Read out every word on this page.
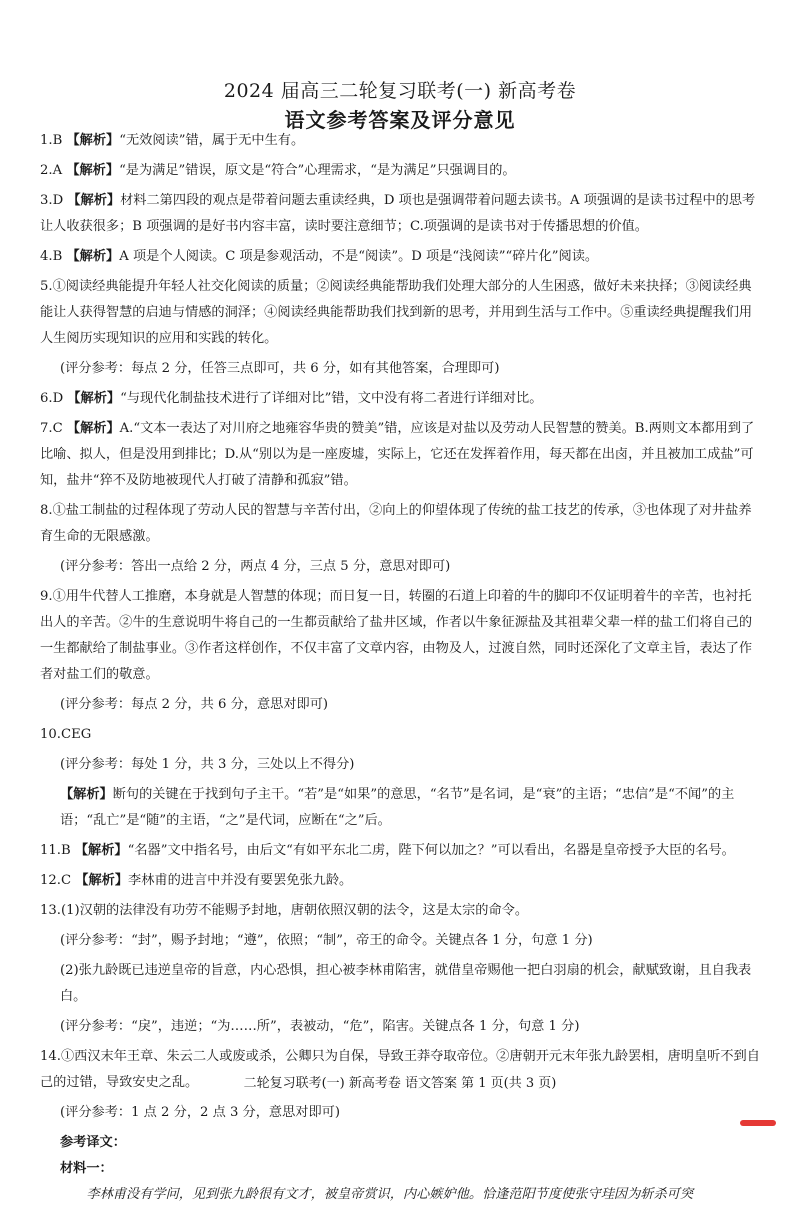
2024 届高三二轮复习联考(一) 新高考卷
语文参考答案及评分意见

1.B 【解析】“无效阅读”错，属于无中生有。

2.A 【解析】“是为满足”错误，原文是“符合”心理需求，“是为满足”只强调目的。

3.D 【解析】材料二第四段的观点是带着问题去重读经典，D 项也是强调带着问题去读书。A 项强调的是读书过程中的思考让人收获很多；B 项强调的是好书内容丰富，读时要注意细节；C.项强调的是读书对于传播思想的价值。

4.B 【解析】A 项是个人阅读。C 项是参观活动，不是“阅读”。D 项是“浅阅读”“碎片化”阅读。

5.①阅读经典能提升年轻人社交化阅读的质量；②阅读经典能帮助我们处理大部分的人生困惑，做好未来抉择；③阅读经典能让人获得智慧的启迪与情感的洞泽；④阅读经典能帮助我们找到新的思考，并用到生活与工作中。⑤重读经典提醒我们用人生阅历实现知识的应用和实践的转化。

(评分参考：每点 2 分，任答三点即可，共 6 分，如有其他答案，合理即可)

6.D 【解析】“与现代化制盐技术进行了详细对比”错，文中没有将二者进行详细对比。

7.C 【解析】A.“文本一表达了对川府之地雍容华贵的赞美”错，应该是对盐以及劳动人民智慧的赞美。B.两则文本都用到了比喻、拟人，但是没用到排比；D.从“别以为是一座废墟，实际上，它还在发挥着作用，每天都在出卤，并且被加工成盐”可知，盐井“猝不及防地被现代人打破了清静和孤寂”错。

8.①盐工制盐的过程体现了劳动人民的智慧与辛苦付出，②向上的仰望体现了传统的盐工技艺的传承，③也体现了对井盐养育生命的无限感激。

(评分参考：答出一点给 2 分，两点 4 分，三点 5 分，意思对即可)

9.①用牛代替人工推磨，本身就是人智慧的体现；而日复一日，转圈的石道上印着的牛的脚印不仅证明着牛的辛苦，也衬托出人的辛苦。②牛的生意说明牛将自己的一生都贡献给了盐井区域，作者以牛象征源盐及其祖辈父辈一样的盐工们将自己的一生都献给了制盐事业。③作者这样创作，不仅丰富了文章内容，由物及人，过渡自然，同时还深化了文章主旨，表达了作者对盐工们的敬意。

(评分参考：每点 2 分，共 6 分，意思对即可)

10.CEG

(评分参考：每处 1 分，共 3 分，三处以上不得分)

【解析】断句的关键在于找到句子主干。“若”是“如果”的意思，“名节”是名词，是“衰”的主语；“忠信”是“不闻”的主语；“乱亡”是“随”的主语，“之”是代词，应断在“之”后。

11.B 【解析】“名器”文中指名号，由后文“有如平东北二虏，陛下何以加之？”可以看出，名器是皇帝授予大臣的名号。

12.C 【解析】李林甫的进言中并没有要罢免张九龄。

13.(1)汉朝的法律没有功劳不能赐予封地，唐朝依照汉朝的法令，这是太宗的命令。

(评分参考：“封”，赐予封地；“遵”，依照；“制”，帝王的命令。关键点各 1 分，句意 1 分)

(2)张九龄既已违逆皇帝的旨意，内心恐惧，担心被李林甫陷害，就借皇帝赐他一把白羽扇的机会，献赋致谢，且自我表白。

(评分参考：“戾”，违逆；“为……所”，表被动，“危”，陷害。关键点各 1 分，句意 1 分)

14.①西汉末年王章、朱云二人或废或杀，公卿只为自保，导致王莽夺取帝位。②唐朝开元末年张九龄罢相，唐明皇听不到自己的过错，导致安史之乱。

(评分参考：1 点 2 分，2 点 3 分，意思对即可)

参考译文：

材料一：

李林甫没有学问，见到张九龄很有文才，被皇帝赏识，内心嫉妒他。恰逢范阳节度使张守珪因为斩杀可突

二轮复习联考(一) 新高考卷 语文答案 第 1 页(共 3 页)
